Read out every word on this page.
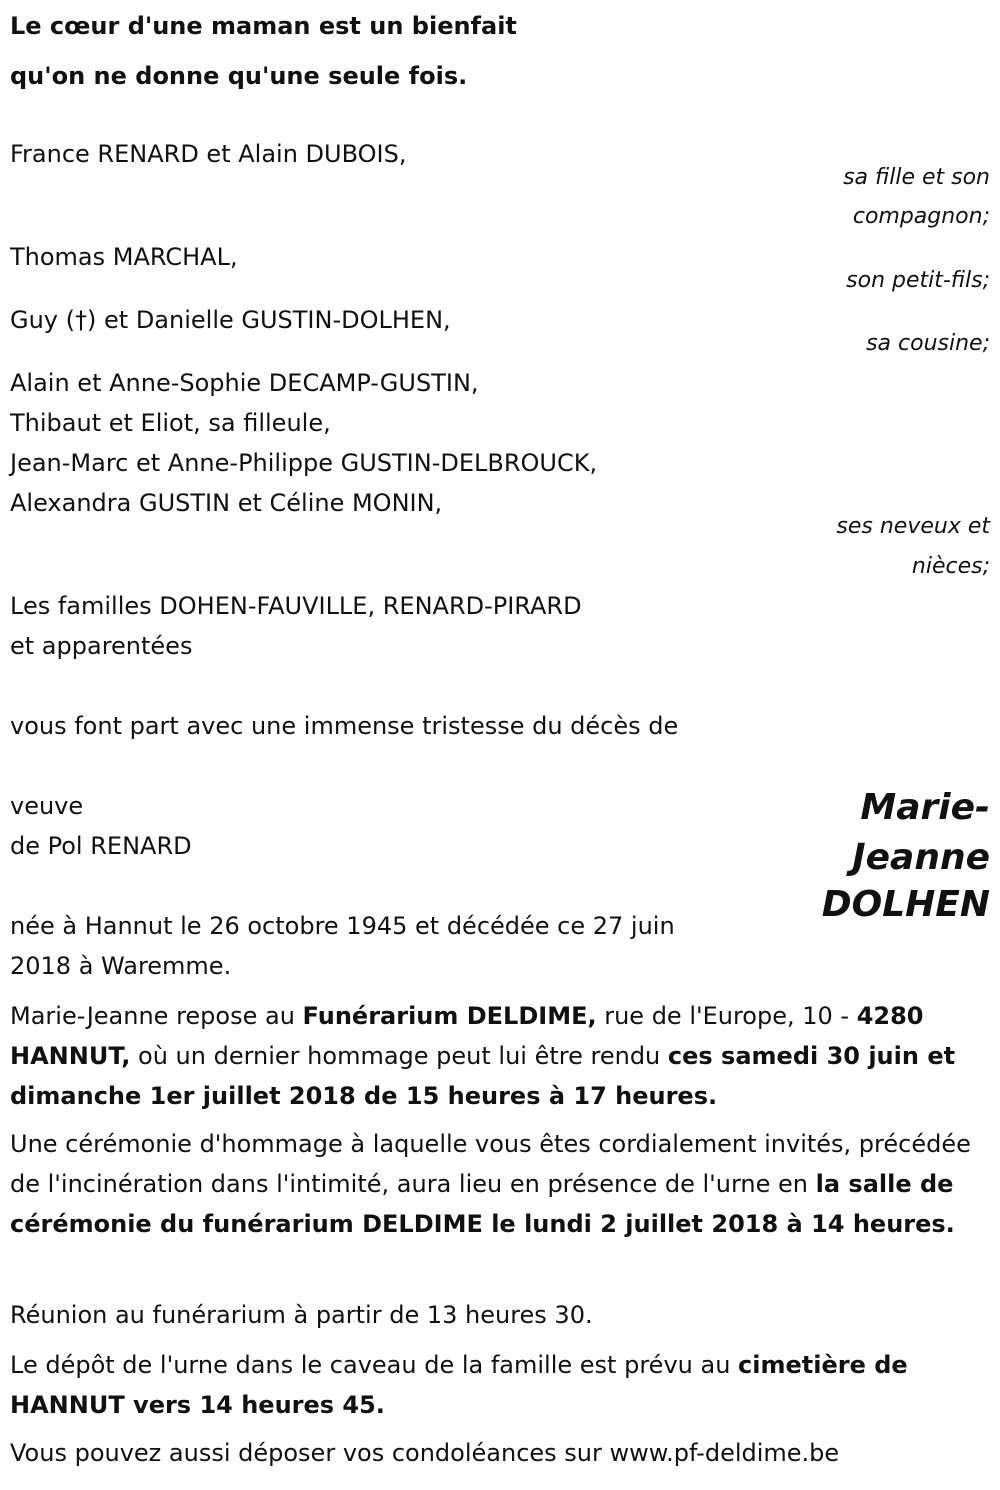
Le cœur d'une maman est un bienfait
qu'on ne donne qu'une seule fois.
France RENARD et Alain DUBOIS,
sa fille et son
compagnon;
Thomas MARCHAL,
son petit-fils;
Guy (†) et Danielle GUSTIN-DOLHEN,
sa cousine;
Alain et Anne-Sophie DECAMP-GUSTIN,
Thibaut et Eliot, sa filleule,
Jean-Marc et Anne-Philippe GUSTIN-DELBROUCK,
Alexandra GUSTIN et Céline MONIN,
ses neveux et
nièces;
Les familles DOHEN-FAUVILLE, RENARD-PIRARD
et apparentées
vous font part avec une immense tristesse du décès de
veuve
de Pol RENARD
Marie-
Jeanne
DOLHEN
née à Hannut le 26 octobre 1945 et décédée ce 27 juin
2018 à Waremme.
Marie-Jeanne repose au Funérarium DELDIME, rue de l'Europe, 10 - 4280 HANNUT, où un dernier hommage peut lui être rendu ces samedi 30 juin et dimanche 1er juillet 2018 de 15 heures à 17 heures.
Une cérémonie d'hommage à laquelle vous êtes cordialement invités, précédée de l'incinération dans l'intimité, aura lieu en présence de l'urne en la salle de cérémonie du funérarium DELDIME le lundi 2 juillet 2018 à 14 heures.
Réunion au funérarium à partir de 13 heures 30.
Le dépôt de l'urne dans le caveau de la famille est prévu au cimetière de HANNUT vers 14 heures 45.
Vous pouvez aussi déposer vos condoléances sur www.pf-deldime.be
